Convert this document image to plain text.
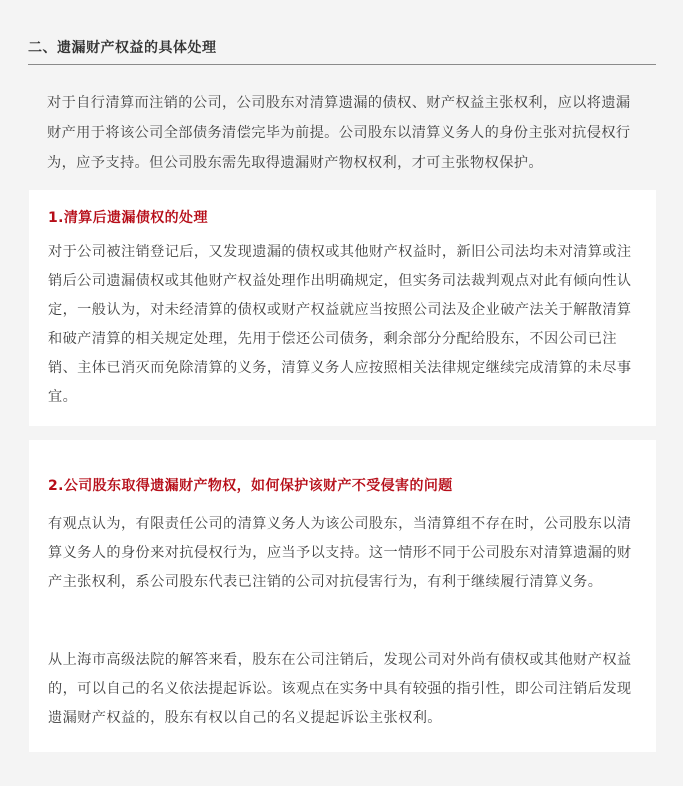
二、遗漏财产权益的具体处理
对于自行清算而注销的公司，公司股东对清算遗漏的债权、财产权益主张权利，应以将遗漏财产用于将该公司全部债务清偿完毕为前提。公司股东以清算义务人的身份主张对抗侵权行为，应予支持。但公司股东需先取得遗漏财产物权权利，才可主张物权保护。
1.清算后遗漏债权的处理
对于公司被注销登记后，又发现遗漏的债权或其他财产权益时，新旧公司法均未对清算或注销后公司遗漏债权或其他财产权益处理作出明确规定，但实务司法裁判观点对此有倾向性认定，一般认为，对未经清算的债权或财产权益就应当按照公司法及企业破产法关于解散清算和破产清算的相关规定处理，先用于偿还公司债务，剩余部分分配给股东，不因公司已注销、主体已消灭而免除清算的义务，清算义务人应按照相关法律规定继续完成清算的未尽事宜。
2.公司股东取得遗漏财产物权，如何保护该财产不受侵害的问题
有观点认为，有限责任公司的清算义务人为该公司股东，当清算组不存在时，公司股东以清算义务人的身份来对抗侵权行为，应当予以支持。这一情形不同于公司股东对清算遗漏的财产主张权利，系公司股东代表已注销的公司对抗侵害行为，有利于继续履行清算义务。
从上海市高级法院的解答来看，股东在公司注销后，发现公司对外尚有债权或其他财产权益的，可以自己的名义依法提起诉讼。该观点在实务中具有较强的指引性，即公司注销后发现遗漏财产权益的，股东有权以自己的名义提起诉讼主张权利。
